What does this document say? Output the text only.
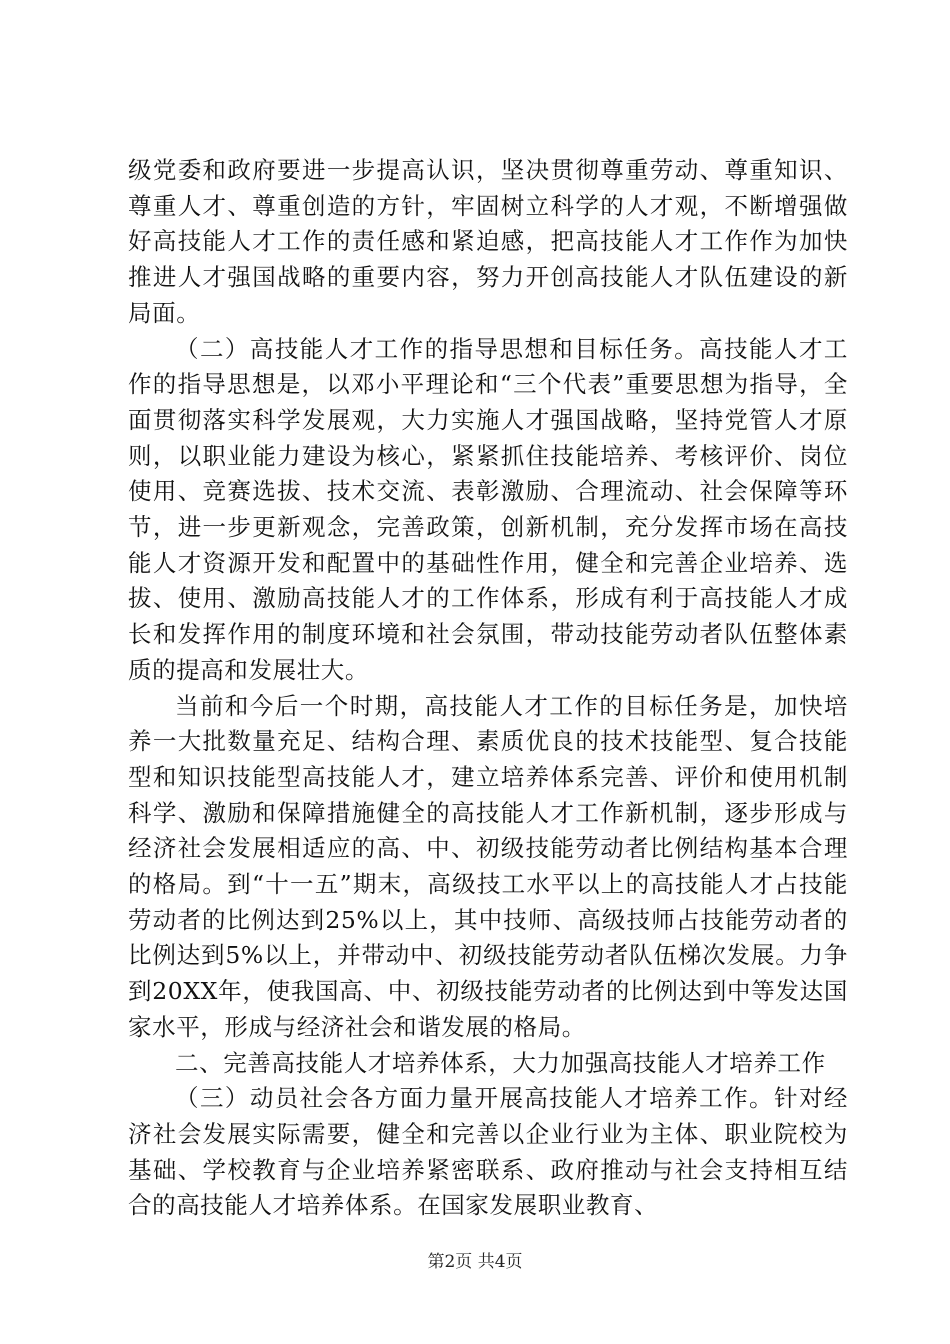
级党委和政府要进一步提高认识，坚决贯彻尊重劳动、尊重知识、尊重人才、尊重创造的方针，牢固树立科学的人才观，不断增强做好高技能人才工作的责任感和紧迫感，把高技能人才工作作为加快推进人才强国战略的重要内容，努力开创高技能人才队伍建设的新局面。

（二）高技能人才工作的指导思想和目标任务。高技能人才工作的指导思想是，以邓小平理论和“三个代表”重要思想为指导，全面贯彻落实科学发展观，大力实施人才强国战略，坚持党管人才原则，以职业能力建设为核心，紧紧抓住技能培养、考核评价、岗位使用、竞赛选拔、技术交流、表彰激励、合理流动、社会保障等环节，进一步更新观念，完善政策，创新机制，充分发挥市场在高技能人才资源开发和配置中的基础性作用，健全和完善企业培养、选拔、使用、激励高技能人才的工作体系，形成有利于高技能人才成长和发挥作用的制度环境和社会氛围，带动技能劳动者队伍整体素质的提高和发展壮大。

当前和今后一个时期，高技能人才工作的目标任务是，加快培养一大批数量充足、结构合理、素质优良的技术技能型、复合技能型和知识技能型高技能人才，建立培养体系完善、评价和使用机制科学、激励和保障措施健全的高技能人才工作新机制，逐步形成与经济社会发展相适应的高、中、初级技能劳动者比例结构基本合理的格局。到“十一五”期末，高级技工水平以上的高技能人才占技能劳动者的比例达到25%以上，其中技师、高级技师占技能劳动者的比例达到5%以上，并带动中、初级技能劳动者队伍梯次发展。力争到20XX年，使我国高、中、初级技能劳动者的比例达到中等发达国家水平，形成与经济社会和谐发展的格局。

二、完善高技能人才培养体系，大力加强高技能人才培养工作

（三）动员社会各方面力量开展高技能人才培养工作。针对经济社会发展实际需要，健全和完善以企业行业为主体、职业院校为基础、学校教育与企业培养紧密联系、政府推动与社会支持相互结合的高技能人才培养体系。在国家发展职业教育、

第2页 共4页
